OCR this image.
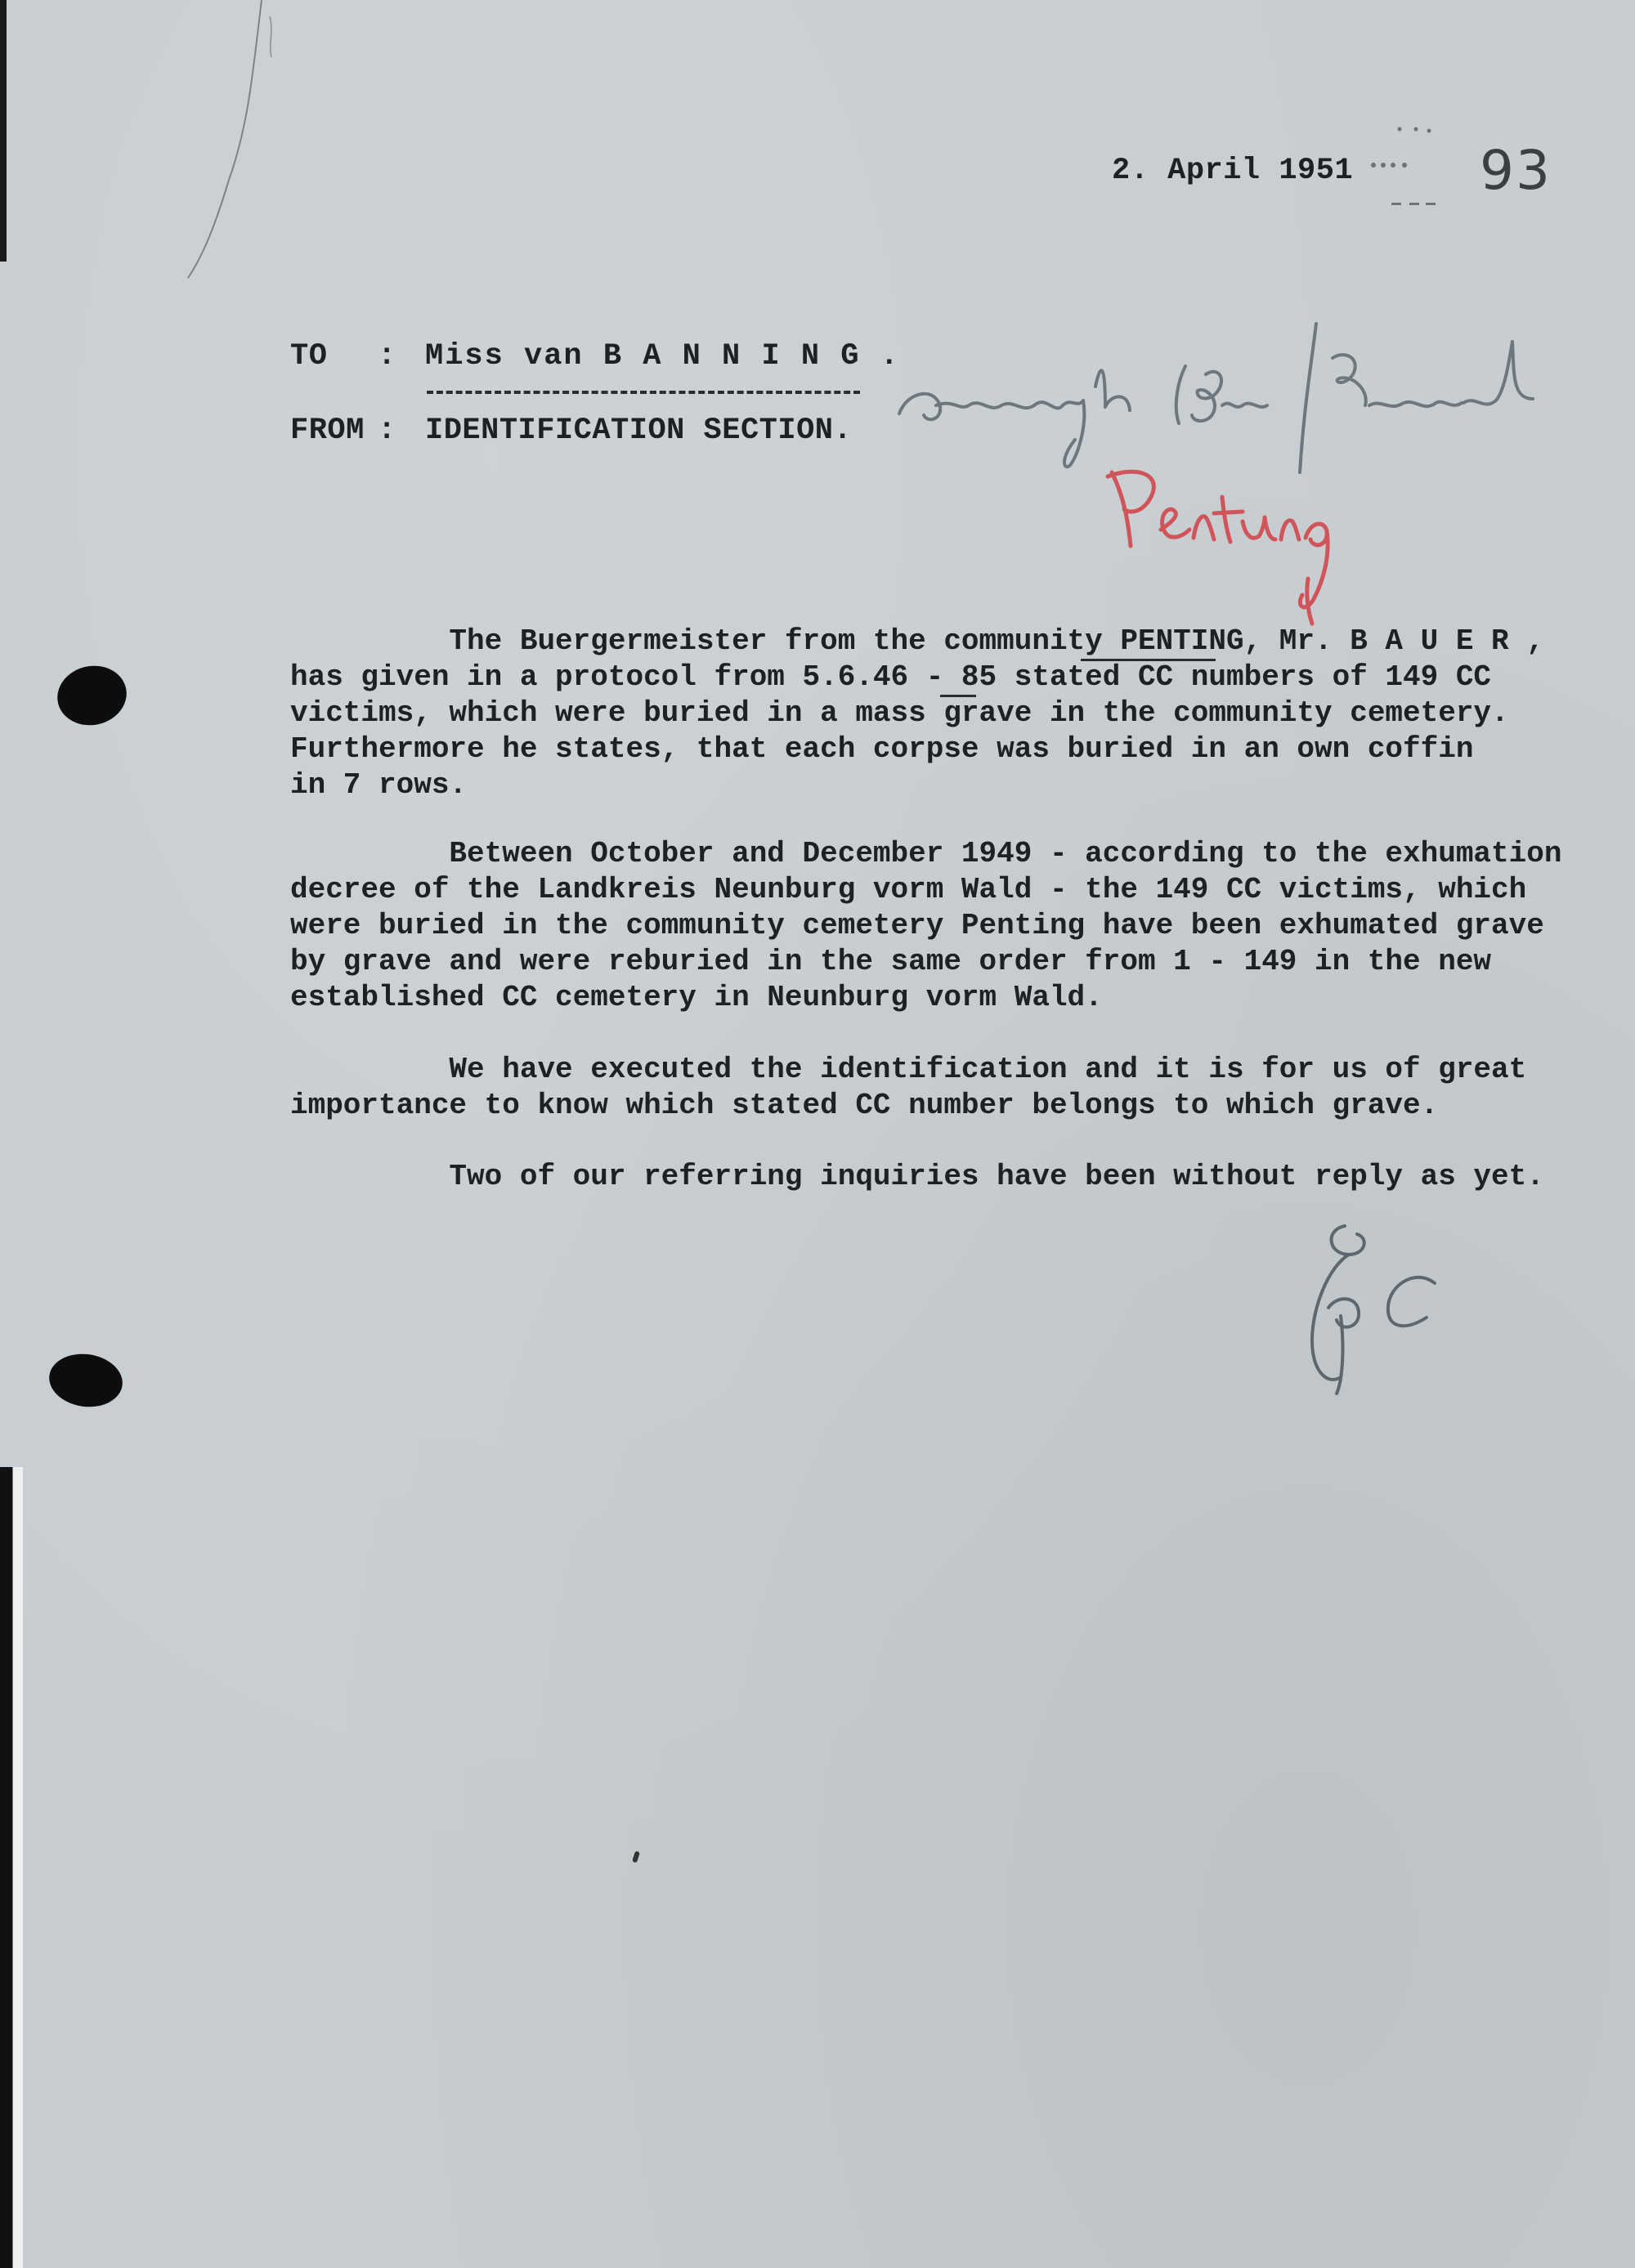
2. April 1951 93
TO : Miss van B A N N I N G .
FROM : IDENTIFICATION SECTION.
The Buergermeister from the community PENTING, Mr. B A U E R ,
has given in a protocol from 5.6.46 - 85 stated CC numbers of 149 CC
victims, which were buried in a mass grave in the community cemetery.
Furthermore he states, that each corpse was buried in an own coffin
in 7 rows.
Between October and December 1949 - according to the exhumation
decree of the Landkreis Neunburg vorm Wald - the 149 CC victims, which
were buried in the community cemetery Penting have been exhumated grave
by grave and were reburied in the same order from 1 - 149 in the new
established CC cemetery in Neunburg vorm Wald.
We have executed the identification and it is for us of great
importance to know which stated CC number belongs to which grave.
Two of our referring inquiries have been without reply as yet.
